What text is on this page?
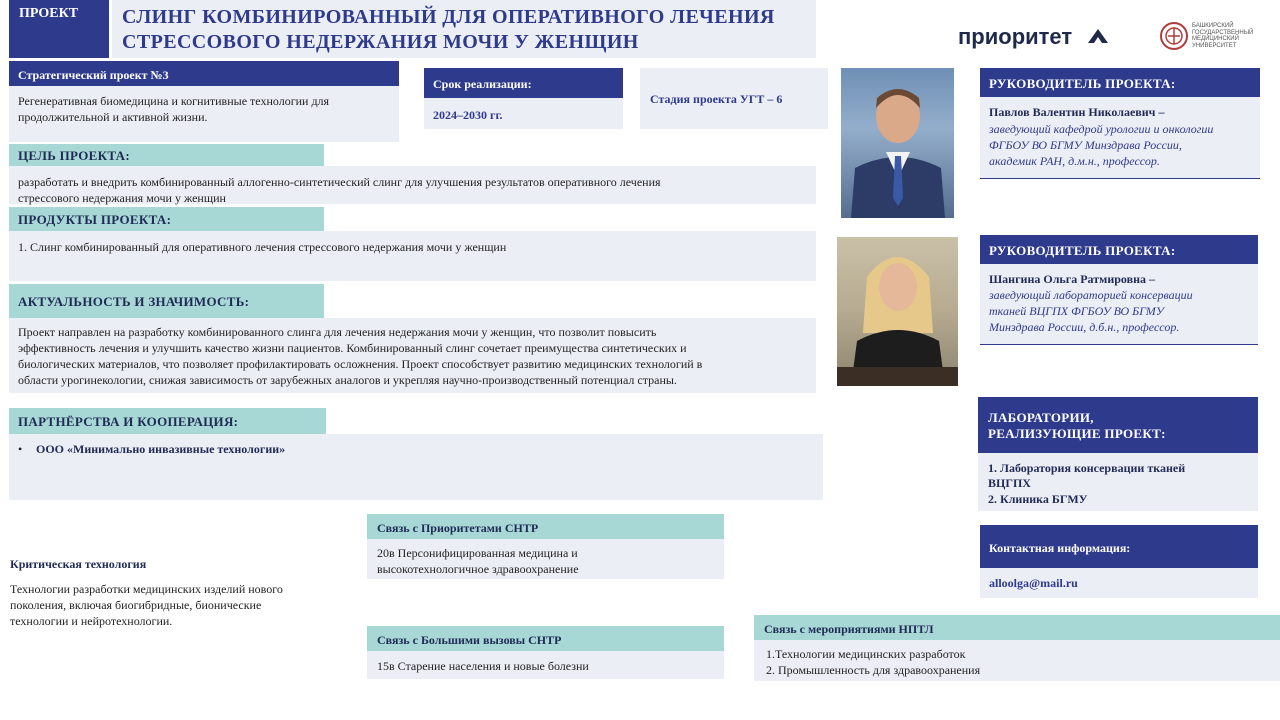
ПРОЕКТ СЛИНГ КОМБИНИРОВАННЫЙ ДЛЯ ОПЕРАТИВНОГО ЛЕЧЕНИЯ
СТРЕССОВОГО НЕДЕРЖАНИЯ МОЧИ У ЖЕНЩИН	приоритет	БАШКИРСКИЙ
ГОСУДАРСТВЕННЫЙ
МЕДИЦИНСКИЙ
УНИВЕРСИТЕТ
Стратегический проект №3
Регенеративная биомедицина и когнитивные технологии для продолжительной и активной жизни.
Срок реализации:
2024–2030 гг.
Стадия проекта УГТ – 6
РУКОВОДИТЕЛЬ ПРОЕКТА:
Павлов Валентин Николаевич –
заведующий кафедрой урологии и онкологии
ФГБОУ ВО БГМУ Минздрава России,
академик РАН, д.м.н., профессор.
ЦЕЛЬ ПРОЕКТА:
разработать и внедрить комбинированный аллогенно-синтетический слинг для улучшения результатов оперативного лечения
стрессового недержания мочи у женщин
ПРОДУКТЫ ПРОЕКТА:
1. Слинг комбинированный для оперативного лечения стрессового недержания мочи у женщин	РУКОВОДИТЕЛЬ ПРОЕКТА:
Шангина Ольга Ратмировна –
заведующий лабораторией консервации
тканей ВЦГПХ ФГБОУ ВО БГМУ
Минздрава России, д.б.н., профессор.
АКТУАЛЬНОСТЬ И ЗНАЧИМОСТЬ:
Проект направлен на разработку комбинированного слинга для лечения недержания мочи у женщин, что позволит повысить
эффективность лечения и улучшить качество жизни пациентов. Комбинированный слинг сочетает преимущества синтетических и
биологических материалов, что позволяет профилактировать осложнения. Проект способствует развитию медицинских технологий в
области урогинекологии, снижая зависимость от зарубежных аналогов и укрепляя научно-производственный потенциал страны.
ЛАБОРАТОРИИ,
РЕАЛИЗУЮЩИЕ ПРОЕКТ:
1. Лаборатория консервации тканей
ВЦГПХ
2. Клиника БГМУ
ПАРТНЁРСТВА И КООПЕРАЦИЯ:
• ООО «Минимально инвазивные технологии»
Критическая технология
Технологии разработки медицинских изделий нового
поколения, включая биогибридные, бионические
технологии и нейротехнологии.
Связь с Приоритетами СНТР
20в Персонифицированная медицина и
высокотехнологичное здравоохранение
Контактная информация:
alloolga@mail.ru
Связь с Большими вызовы СНТР
15в Старение населения и новые болезни
Связь с мероприятиями НПТЛ
1.Технологии медицинских разработок
2. Промышленность для здравоохранения
